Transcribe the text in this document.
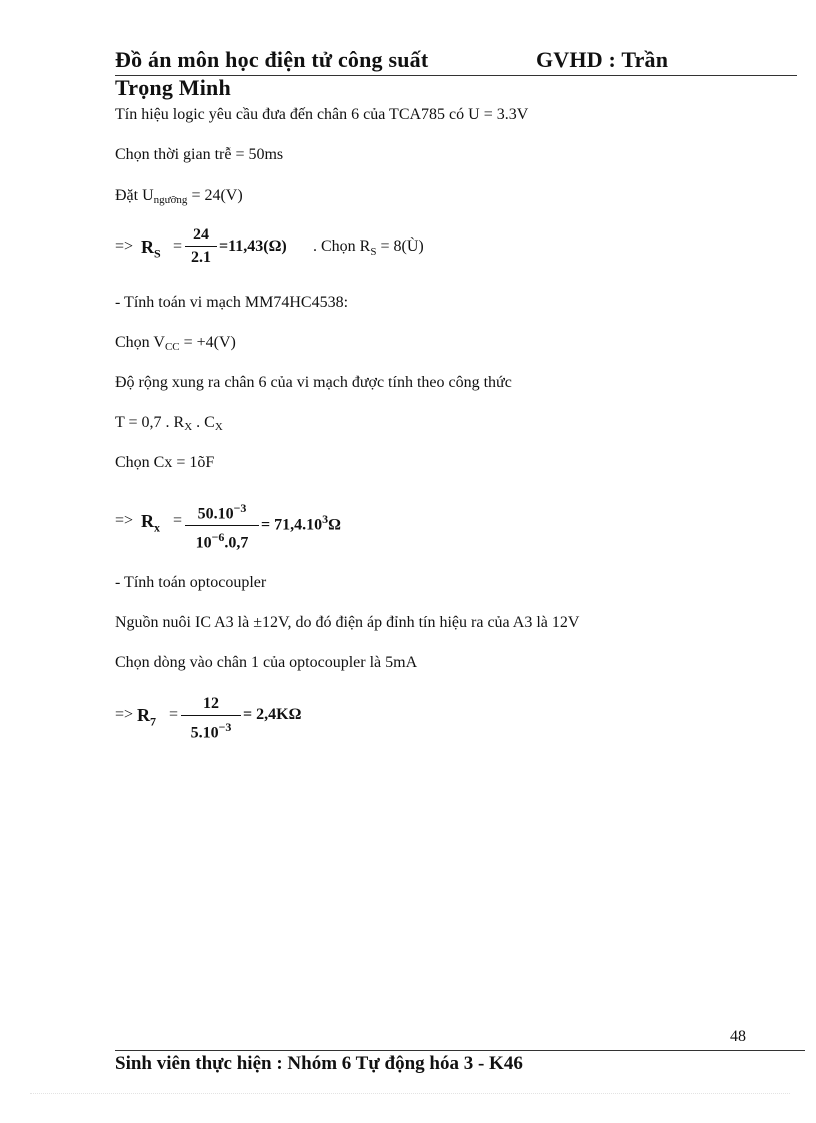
Đồ án môn học điện tử công suất	GVHD : Trần
Trọng Minh
Tín hiệu logic yêu cầu đưa đến chân 6 của TCA785 có U = 3.3V
Chọn thời gian trễ = 50ms
Đặt $U_{ngưỡng} = 24(V)$
=> $R_S$ =
24
2.1
=11,43(Ω) . Chọn $R_S$ = 8(Ù)
- Tính toán vi mạch MM74HC4538:
Chọn $V_{CC} = +4(V)$
Độ rộng xung ra chân 6 của vi mạch được tính theo công thức
T = 0,7 . $R_X$ . $C_X$
Chọn Cx = 1õF
=> $R_x = 50.10^{-3}$
$10^{-6}.0,7$
= $71,4.10^3\Omega$
- Tính toán optocoupler
Nguồn nuôi IC A3 là ±12V, do đó điện áp đỉnh tín hiệu ra của A3 là 12V
Chọn dòng vào chân 1 của optocoupler là 5mA
=> $R_7$ =
12
$5.10^{-3}$
= 2,4KΩ
48
Sinh viên thực hiện : Nhóm 6 Tự động hóa 3 - K46
